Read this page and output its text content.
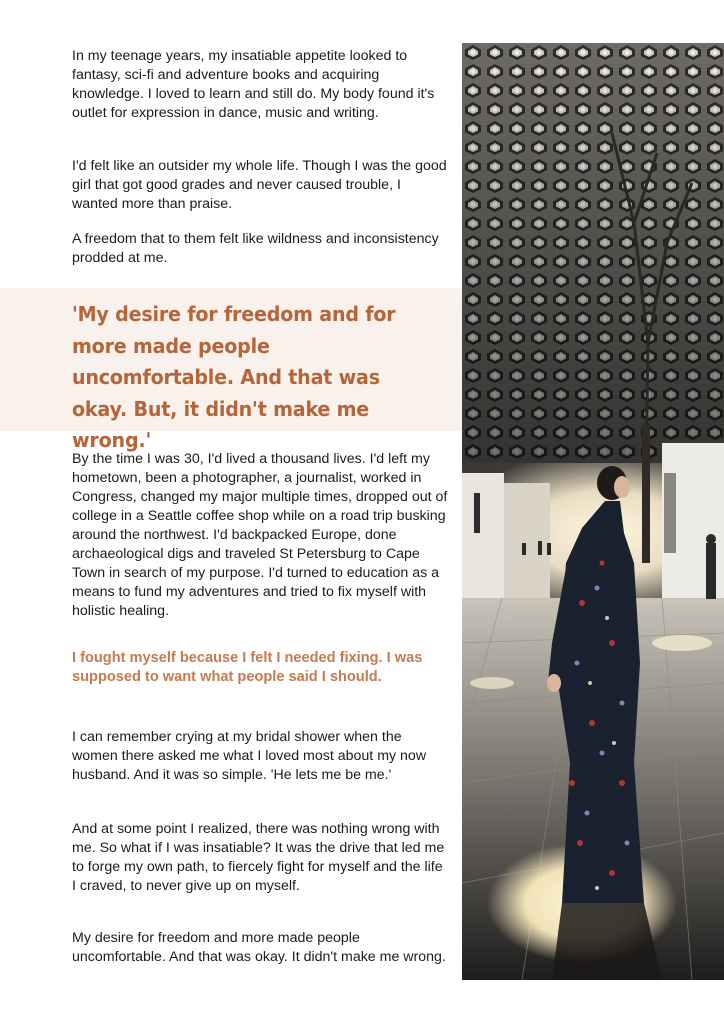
In my teenage years, my insatiable appetite looked to fantasy, sci-fi and adventure books and acquiring knowledge. I loved to learn and still do. My body found it's outlet for expression in dance, music and writing.

I'd felt like an outsider my whole life. Though I was the good girl that got good grades and never caused trouble, I wanted more than praise.

A freedom that to them felt like wildness and inconsistency prodded at me.

'My desire for freedom and for more made people uncomfortable. And that was okay. But, it didn't make me wrong.'

By the time I was 30, I'd lived a thousand lives. I'd left my hometown, been a photographer, a journalist, worked in Congress, changed my major multiple times, dropped out of college in a Seattle coffee shop while on a road trip busking around the northwest. I'd backpacked Europe, done archaeological digs and traveled St Petersburg to Cape Town in search of my purpose. I'd turned to education as a means to fund my adventures and tried to fix myself with holistic healing.

I fought myself because I felt I needed fixing. I was supposed to want what people said I should.

I can remember crying at my bridal shower when the women there asked me what I loved most about my now husband. And it was so simple. 'He lets me be me.'

And at some point I realized, there was nothing wrong with me. So what if I was insatiable? It was the drive that led me to forge my own path, to fiercely fight for myself and the life I craved, to never give up on myself.

My desire for freedom and more made people uncomfortable. And that was okay. It didn't make me wrong.
